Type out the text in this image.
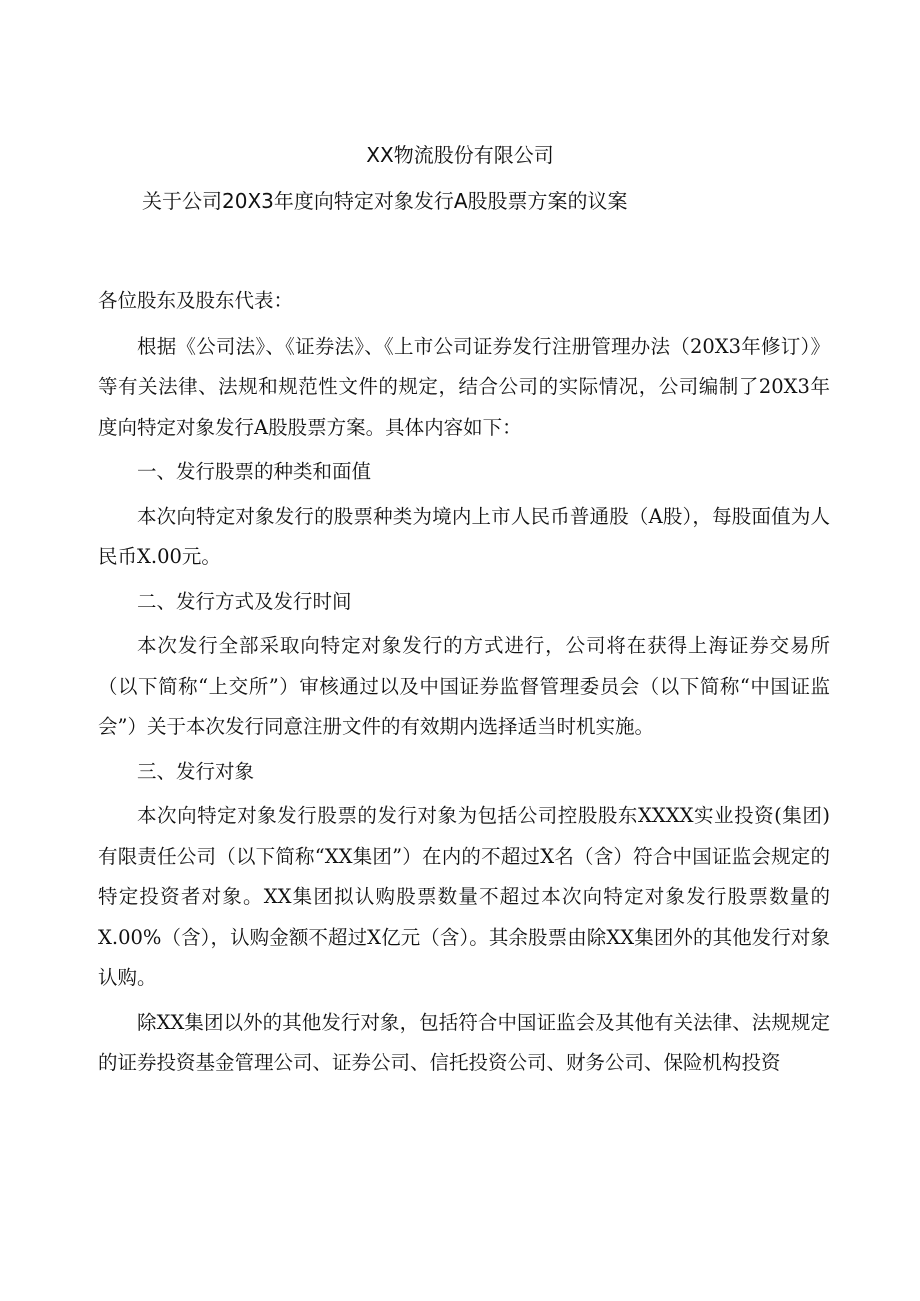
XX物流股份有限公司
关于公司20X3年度向特定对象发行A股股票方案的议案

各位股东及股东代表：

根据《公司法》、《证券法》、《上市公司证券发行注册管理办法（20X3年修订）》等有关法律、法规和规范性文件的规定，结合公司的实际情况，公司编制了20X3年度向特定对象发行A股股票方案。具体内容如下：

一、发行股票的种类和面值

本次向特定对象发行的股票种类为境内上市人民币普通股（A股），每股面值为人民币X.00元。

二、发行方式及发行时间

本次发行全部采取向特定对象发行的方式进行，公司将在获得上海证券交易所（以下简称“上交所”）审核通过以及中国证券监督管理委员会（以下简称“中国证监会”）关于本次发行同意注册文件的有效期内选择适当时机实施。

三、发行对象

本次向特定对象发行股票的发行对象为包括公司控股股东XXXX实业投资(集团)有限责任公司（以下简称“XX集团”）在内的不超过X名（含）符合中国证监会规定的特定投资者对象。XX集团拟认购股票数量不超过本次向特定对象发行股票数量的X.00%（含），认购金额不超过X亿元（含）。其余股票由除XX集团外的其他发行对象认购。

除XX集团以外的其他发行对象，包括符合中国证监会及其他有关法律、法规规定的证券投资基金管理公司、证券公司、信托投资公司、财务公司、保险机构投资
